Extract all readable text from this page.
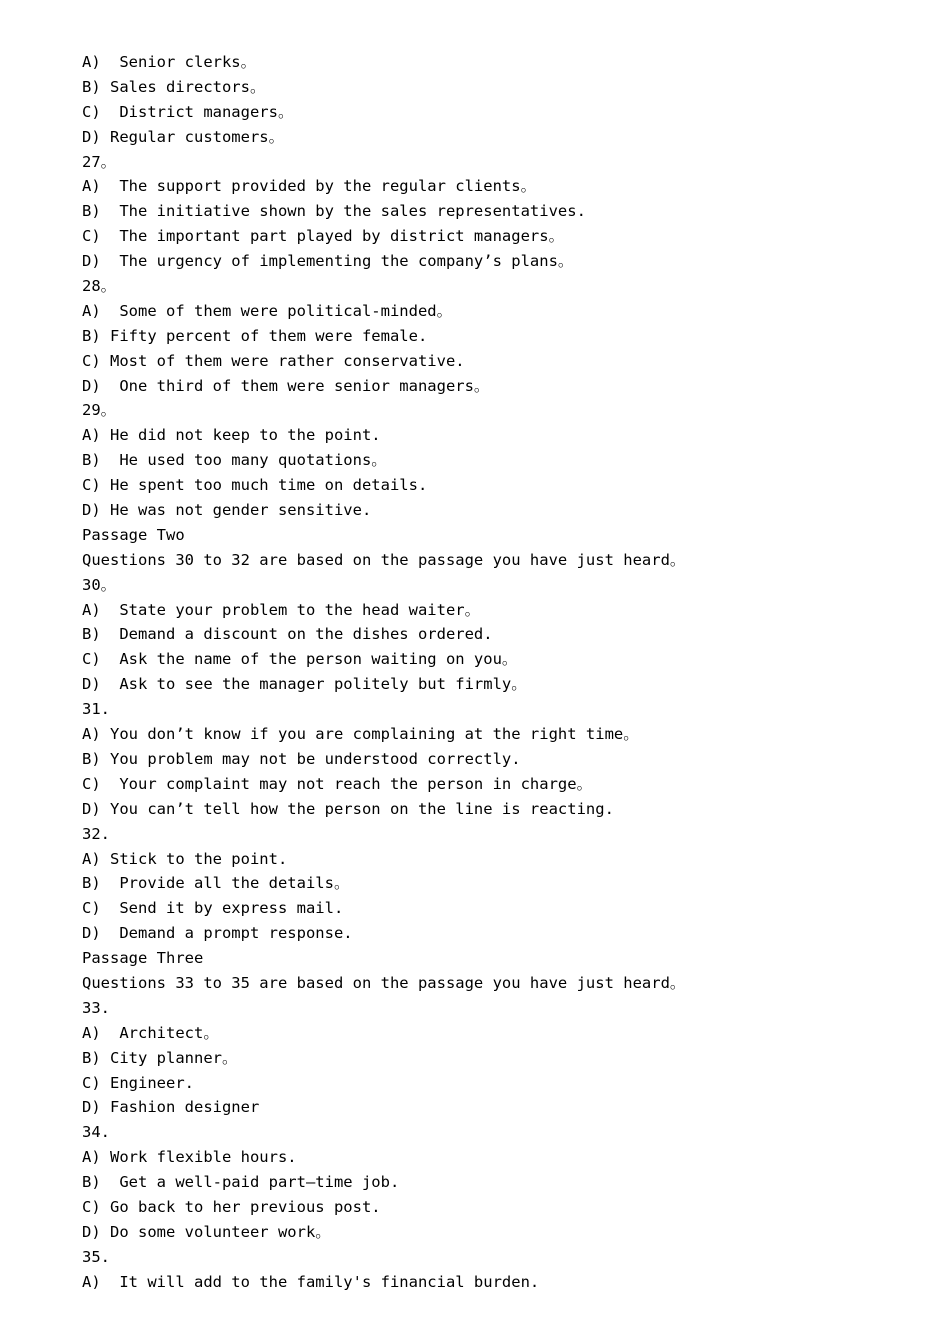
A)  Senior clerks。
B) Sales directors。
C)  District managers。
D) Regular customers。
27。
A)  The support provided by the regular clients。
B)  The initiative shown by the sales representatives.
C)  The important part played by district managers。
D)  The urgency of implementing the company’s plans。
28。
A)  Some of them were political-minded。
B) Fifty percent of them were female.
C) Most of them were rather conservative.
D)  One third of them were senior managers。
29。
A) He did not keep to the point.
B)  He used too many quotations。
C) He spent too much time on details.
D) He was not gender sensitive.
Passage Two
Questions 30 to 32 are based on the passage you have just heard。
30。
A)  State your problem to the head waiter。
B)  Demand a discount on the dishes ordered.
C)  Ask the name of the person waiting on you。
D)  Ask to see the manager politely but firmly。
31.
A) You don’t know if you are complaining at the right time。
B) You problem may not be understood correctly.
C)  Your complaint may not reach the person in charge。
D) You can’t tell how the person on the line is reacting.
32.
A) Stick to the point.
B)  Provide all the details。
C)  Send it by express mail.
D)  Demand a prompt response.
Passage Three
Questions 33 to 35 are based on the passage you have just heard。
33.
A)  Architect。
B) City planner。
C) Engineer.
D) Fashion designer
34.
A) Work flexible hours.
B)  Get a well-paid part—time job.
C) Go back to her previous post.
D) Do some volunteer work。
35.
A)  It will add to the family's financial burden.
